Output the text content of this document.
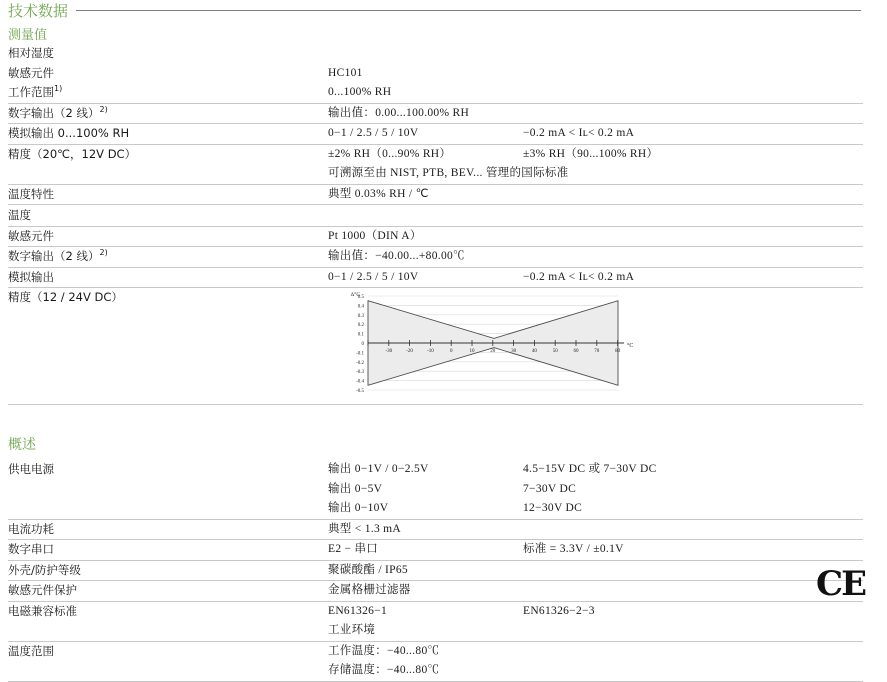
技术数据
测量值
相对湿度		
敏感元件	HC101	
工作范围$^{1)}$	0...100% RH	
数字输出（2 线）$^{2)}$	输出值：0.00...100.00% RH	
模拟输出 0...100% RH	0−1 / 2.5 / 5 / 10V	−0.2 mA < Iʟ< 0.2 mA
精度（20℃，12V DC）	±2% RH（0...90% RH）	±3% RH（90...100% RH）
	可溯源至由 NIST, PTB, BEV... 管理的国际标准	
温度特性	典型 0.03% RH / ℃	
温度		
敏感元件	Pt 1000（DIN A）	
数字输出（2 线）$^{2)}$	输出值：−40.00...+80.00℃	
模拟输出	0−1 / 2.5 / 5 / 10V	−0.2 mA < Iʟ< 0.2 mA
精度（12 / 24V DC）	0.5
0.4
0.3
0.2
0.1
0
-0.1
-0.2
-0.3
-0.4
-0.5
-30	-20	-10	0	10	20	30	40	50	60	70	80
Δ°C
°C
概述
供电电源	输出 0−1V / 0−2.5V	4.5−15V DC 或 7−30V DC
	输出 0−5V	7−30V DC
	输出 0−10V	12−30V DC
电流功耗	典型 < 1.3 mA	
数字串口	E2 − 串口	标准 = 3.3V / ±0.1V
外壳/防护等级	聚碳酸酯 / IP65	
敏感元件保护	金属格栅过滤器	
电磁兼容标准	EN61326−1	EN61326−2−3
	工业环境	
温度范围	工作温度：−40...80℃	
	存储温度：−40...80℃	
CE
